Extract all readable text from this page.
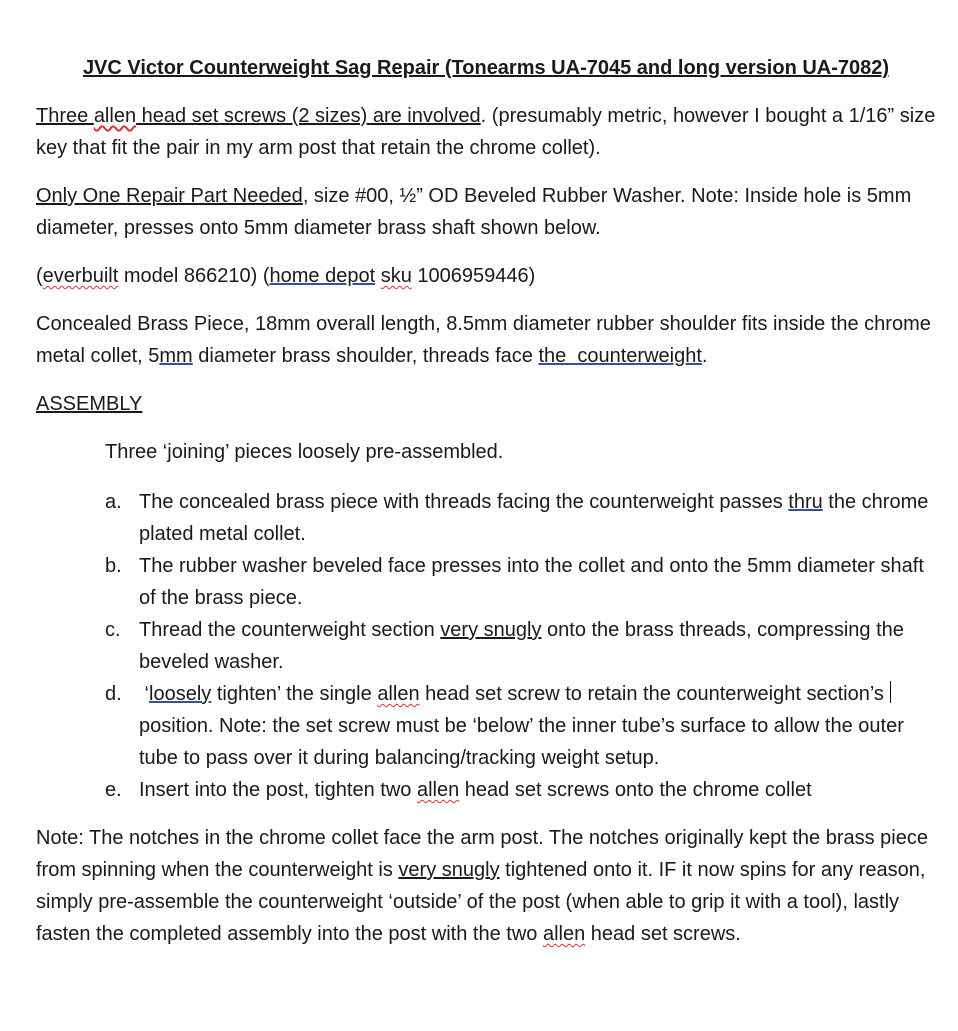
JVC Victor Counterweight Sag Repair (Tonearms UA-7045 and long version UA-7082)

Three allen head set screws (2 sizes) are involved. (presumably metric, however I bought a 1/16” size key that fit the pair in my arm post that retain the chrome collet).

Only One Repair Part Needed, size #00, ½” OD Beveled Rubber Washer. Note: Inside hole is 5mm diameter, presses onto 5mm diameter brass shaft shown below.

(everbuilt model 866210) (home depot sku 1006959446)

Concealed Brass Piece, 18mm overall length, 8.5mm diameter rubber shoulder fits inside the chrome metal collet, 5mm diameter brass shoulder, threads face the  counterweight.

ASSEMBLY

Three ‘joining’ pieces loosely pre-assembled.

a. The concealed brass piece with threads facing the counterweight passes thru the chrome plated metal collet.
b. The rubber washer beveled face presses into the collet and onto the 5mm diameter shaft of the brass piece.
c. Thread the counterweight section very snugly onto the brass threads, compressing the beveled washer.
d. ‘loosely tighten’ the single allen head set screw to retain the counterweight section’s position. Note: the set screw must be ‘below’ the inner tube’s surface to allow the outer tube to pass over it during balancing/tracking weight setup.
e. Insert into the post, tighten two allen head set screws onto the chrome collet

Note: The notches in the chrome collet face the arm post. The notches originally kept the brass piece from spinning when the counterweight is very snugly tightened onto it. IF it now spins for any reason, simply pre-assemble the counterweight ‘outside’ of the post (when able to grip it with a tool), lastly fasten the completed assembly into the post with the two allen head set screws.
